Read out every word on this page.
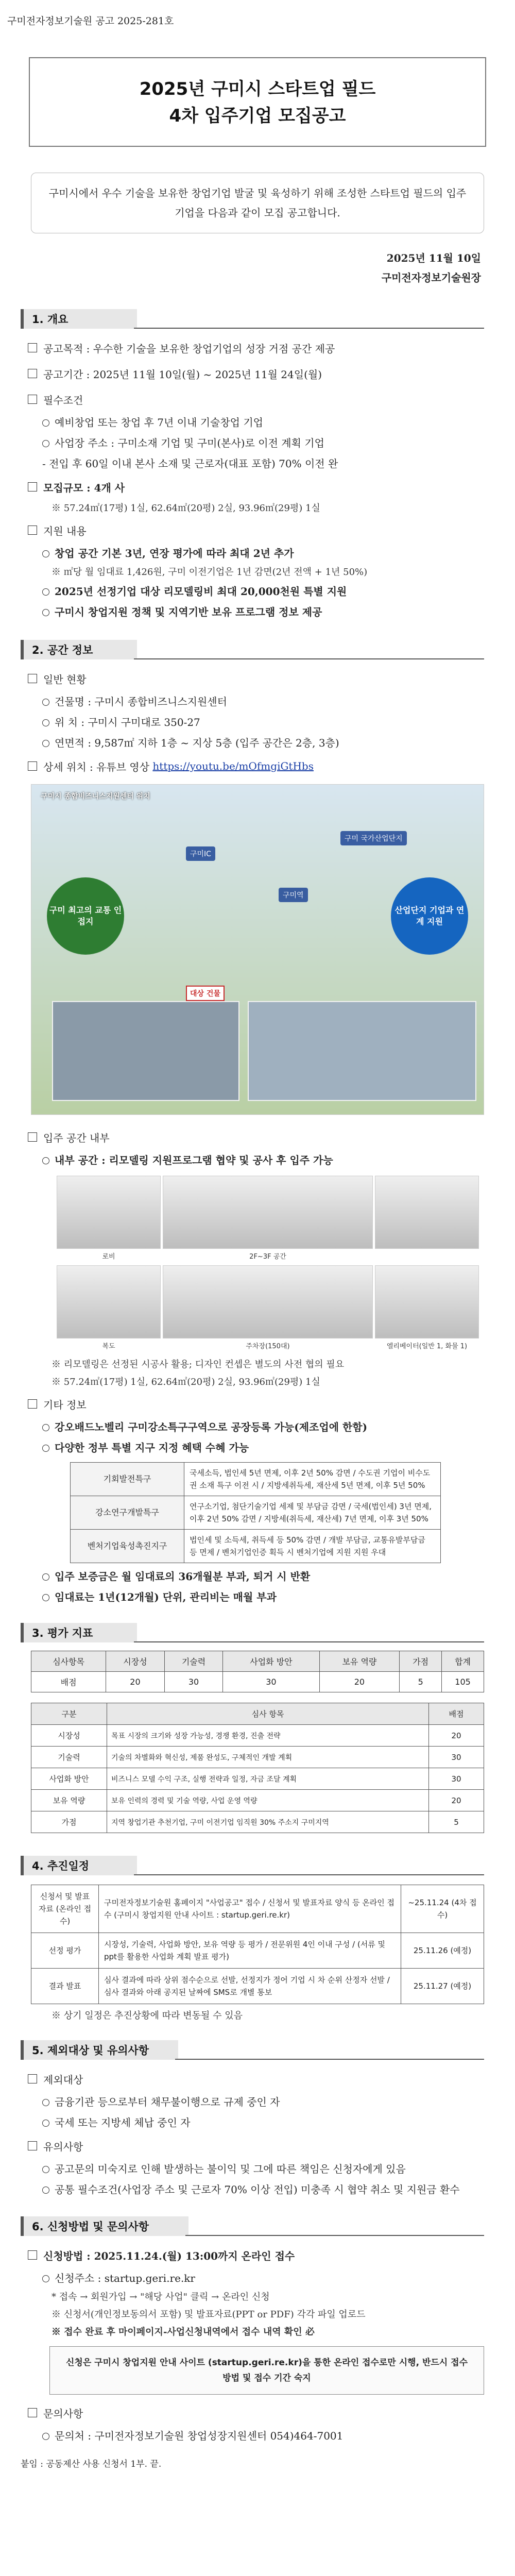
구미전자정보기술원 공고 2025-281호
2025년 구미시 스타트업 필드
4차 입주기업 모집공고
구미시에서 우수 기술을 보유한 창업기업 발굴 및 육성하기 위해 조성한 스타트업 필드의 입주기업을 다음과 같이 모집 공고합니다.
2025년 11월 10일
구미전자정보기술원장
1. 개요
공고목적 : 우수한 기술을 보유한 창업기업의 성장 거점 공간 제공
공고기간 : 2025년 11월 10일(월) ~ 2025년 11월 24일(월)
필수조건
예비창업 또는 창업 후 7년 이내 기술창업 기업
사업장 주소 : 구미소재 기업 및 구미(본사)로 이전 계획 기업
- 전입 후 60일 이내 본사 소재 및 근로자(대표 포함) 70% 이전 완
모집규모 : 4개 사
※ 57.24㎡(17평) 1실, 62.64㎡(20평) 2실, 93.96㎡(29평) 1실
지원 내용
창업 공간 기본 3년, 연장 평가에 따라 최대 2년 추가
※ ㎡당 월 임대료 1,426원, 구미 이전기업은 1년 감면(2년 전액 + 1년 50%)
2025년 선정기업 대상 리모델링비 최대 20,000천원 특별 지원
구미시 창업지원 정책 및 지역기반 보유 프로그램 정보 제공
2. 공간 정보
일반 현황
건물명 : 구미시 종합비즈니스지원센터
위 치 : 구미시 구미대로 350-27
연면적 : 9,587㎡ 지하 1층 ~ 지상 5층 (입주 공간은 2층, 3층)
상세 위치 : 유튜브 영상
https://youtu.be/mOfmgiGtHbs
구미시 종합비즈니스지원센터 위치
구미 최고의 교통 인접지
산업단지 기업과 연계 지원
구미IC
구미역
구미 국가산업단지
대상 건물
입주 공간 내부
내부 공간 : 리모델링 지원프로그램 협약 및 공사 후 입주 가능
로비	2F~3F 공간
복도	주차장(150대)	엘리베이터(일반 1, 화물 1)
※ 리모델링은 선정된 시공사 활용; 디자인 컨셉은 별도의 사전 협의 필요
※ 57.24㎡(17평) 1실, 62.64㎡(20평) 2실, 93.96㎡(29평) 1실
기타 정보
강오배드노벨리 구미강소특구구역으로 공장등록 가능(제조업에 한함)
다양한 정부 특별 지구 지정 혜택 수혜 가능
기회발전특구	국세소득, 법인세 5년 면제, 이후 2년 50% 감면 / 수도권 기업이 비수도권 소재 특구 이전 시 / 지방세취득세, 재산세 5년 면제, 이후 5년 50%
강소연구개발특구	연구소기업, 첨단기술기업 세제 및 부담금 감면 / 국세(법인세) 3년 면제, 이후 2년 50% 감면 / 지방세(취득세, 재산세) 7년 면제, 이후 3년 50%
벤처기업육성촉진지구	법인세 및 소득세, 취득세 등 50% 감면 / 개발 부담금, 교통유발부담금 등 면제 / 벤처기업인증 획득 시 벤처기업에 지원 지원 우대
입주 보증금은 월 임대료의 36개월분 부과, 퇴거 시 반환
임대료는 1년(12개월) 단위, 관리비는 매월 부과
3. 평가 지표
심사항목	시장성	기술력	사업화 방안	보유 역량	가점	합계
배점	20	30	30	20	5	105
구분	심사 항목	배점
시장성	목표 시장의 크기와 성장 가능성, 경쟁 환경, 진출 전략	20
기술력	기술의 차별화와 혁신성, 제품 완성도, 구체적인 개발 계획	30
사업화 방안	비즈니스 모델 수익 구조, 실행 전략과 일정, 자금 조달 계획	30
보유 역량	보유 인력의 경력 및 기술 역량, 사업 운영 역량	20
가점	지역 창업기관 추천기업, 구미 이전기업 임직원 30% 주소지 구미지역	5
4. 추진일정
신청서 및 발표자료 (온라인 접수)	구미전자정보기술원 홈페이지 "사업공고" 접수 / 신청서 및 발표자료 양식 등 온라인 접수 (구미시 창업지원 안내 사이트 : startup.geri.re.kr)	~25.11.24 (4차 접수)
선정 평가	시장성, 기술력, 사업화 방안, 보유 역량 등 평가 / 전문위원 4인 이내 구성 / (서류 및 ppt를 활용한 사업화 계획 발표 평가)	25.11.26 (예정)
결과 발표	심사 결과에 따라 상위 점수순으로 선발, 선정지가 정어 기업 시 차 순위 산정자 선발 / 심사 결과와 아래 공지된 날짜에 SMS로 개별 통보	25.11.27 (예정)
※ 상기 일정은 추진상황에 따라 변동될 수 있음
5. 제외대상 및 유의사항
제외대상
금융기관 등으로부터 채무불이행으로 규제 중인 자
국세 또는 지방세 체납 중인 자
유의사항
공고문의 미숙지로 인해 발생하는 불이익 및 그에 따른 책임은 신청자에게 있음
공통 필수조건(사업장 주소 및 근로자 70% 이상 전입) 미충족 시 협약 취소 및 지원금 환수
6. 신청방법 및 문의사항
신청방법 : 2025.11.24.(월) 13:00까지 온라인 접수
신청주소 : startup.geri.re.kr
* 접속 → 회원가입 → "해당 사업" 클릭 → 온라인 신청
※ 신청서(개인정보동의서 포함) 및 발표자료(PPT or PDF) 각각 파일 업로드
※ 접수 완료 후 마이페이지-사업신청내역에서 접수 내역 확인 必
신청은 구미시 창업지원 안내 사이트 (startup.geri.re.kr)을 통한 온라인 접수로만 시행, 반드시 접수 방법 및 접수 기간 숙지
문의사항
문의처 : 구미전자정보기술원 창업성장지원센터 054)464-7001
붙임 : 공동제산 사용 신청서 1부. 끝.
